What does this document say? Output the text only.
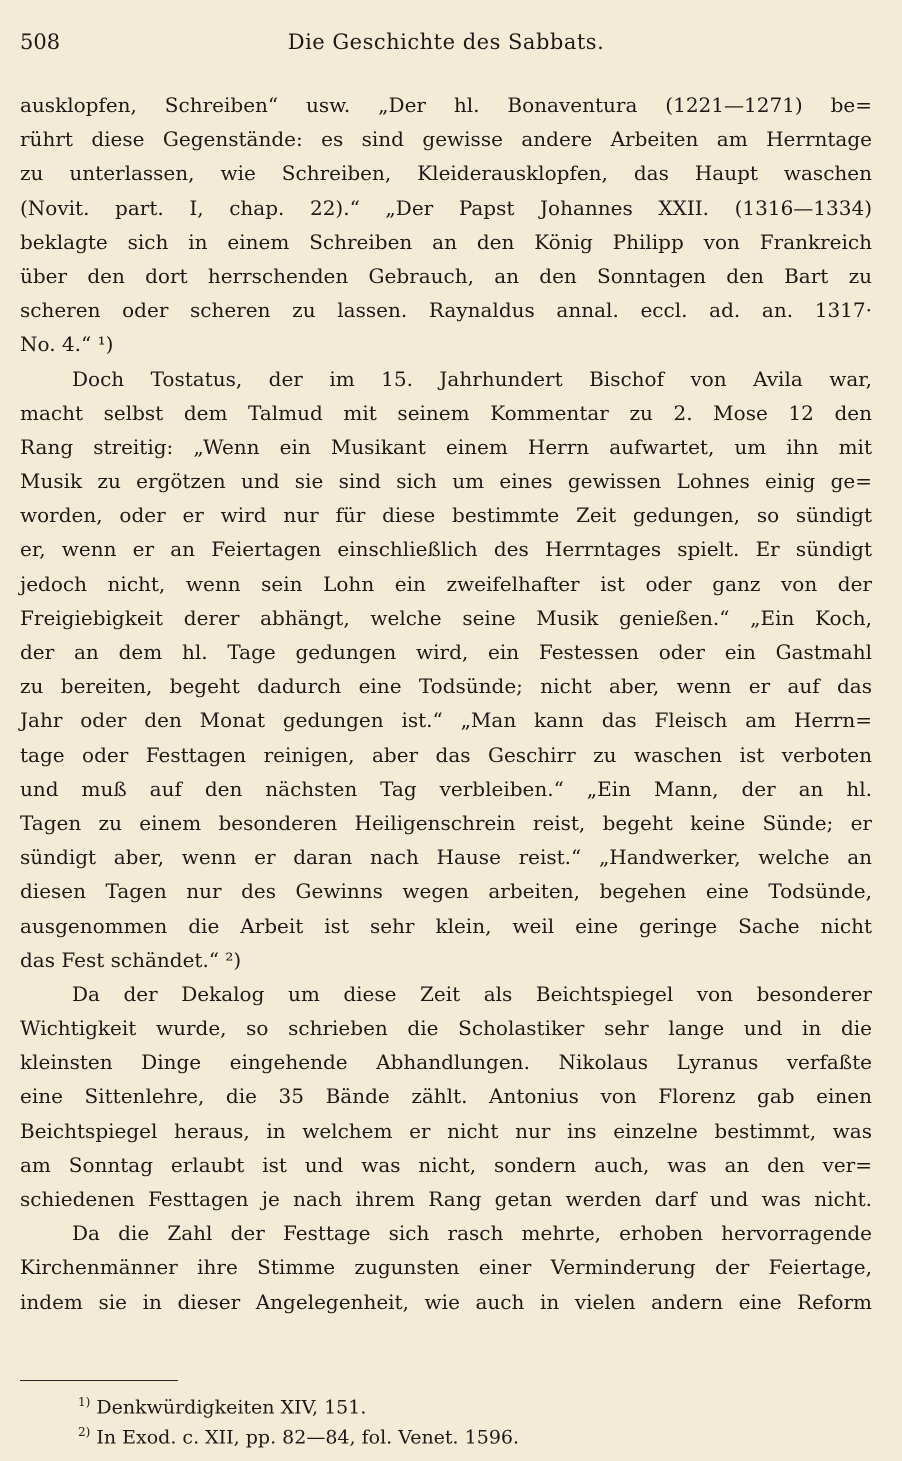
508	Die Geschichte des Sabbats.
ausklopfen, Schreiben“ usw. „Der hl. Bonaventura (1221—1271) be=
rührt diese Gegenstände: es sind gewisse andere Arbeiten am Herrntage
zu unterlassen, wie Schreiben, Kleiderausklopfen, das Haupt waschen
(Novit. part. I, chap. 22).“ „Der Papst Johannes XXII. (1316—1334)
beklagte sich in einem Schreiben an den König Philipp von Frankreich
über den dort herrschenden Gebrauch, an den Sonntagen den Bart zu
scheren oder scheren zu lassen. Raynaldus annal. eccl. ad. an. 1317·
No. 4.“ ¹)
Doch Tostatus, der im 15. Jahrhundert Bischof von Avila war,
macht selbst dem Talmud mit seinem Kommentar zu 2. Mose 12 den
Rang streitig: „Wenn ein Musikant einem Herrn aufwartet, um ihn mit
Musik zu ergötzen und sie sind sich um eines gewissen Lohnes einig ge=
worden, oder er wird nur für diese bestimmte Zeit gedungen, so sündigt
er, wenn er an Feiertagen einschließlich des Herrntages spielt. Er sündigt
jedoch nicht, wenn sein Lohn ein zweifelhafter ist oder ganz von der
Freigiebigkeit derer abhängt, welche seine Musik genießen.“ „Ein Koch,
der an dem hl. Tage gedungen wird, ein Festessen oder ein Gastmahl
zu bereiten, begeht dadurch eine Todsünde; nicht aber, wenn er auf das
Jahr oder den Monat gedungen ist.“ „Man kann das Fleisch am Herrn=
tage oder Festtagen reinigen, aber das Geschirr zu waschen ist verboten
und muß auf den nächsten Tag verbleiben.“ „Ein Mann, der an hl.
Tagen zu einem besonderen Heiligenschrein reist, begeht keine Sünde; er
sündigt aber, wenn er daran nach Hause reist.“ „Handwerker, welche an
diesen Tagen nur des Gewinns wegen arbeiten, begehen eine Todsünde,
ausgenommen die Arbeit ist sehr klein, weil eine geringe Sache nicht
das Fest schändet.“ ²)
Da der Dekalog um diese Zeit als Beichtspiegel von besonderer
Wichtigkeit wurde, so schrieben die Scholastiker sehr lange und in die
kleinsten Dinge eingehende Abhandlungen. Nikolaus Lyranus verfaßte
eine Sittenlehre, die 35 Bände zählt. Antonius von Florenz gab einen
Beichtspiegel heraus, in welchem er nicht nur ins einzelne bestimmt, was
am Sonntag erlaubt ist und was nicht, sondern auch, was an den ver=
schiedenen Festtagen je nach ihrem Rang getan werden darf und was nicht.
Da die Zahl der Festtage sich rasch mehrte, erhoben hervorragende
Kirchenmänner ihre Stimme zugunsten einer Verminderung der Feiertage,
indem sie in dieser Angelegenheit, wie auch in vielen andern eine Reform
$^{1)}$ Denkwürdigkeiten XIV, 151.
$^{2)}$ In Exod. c. XII, pp. 82—84, fol. Venet. 1596.
